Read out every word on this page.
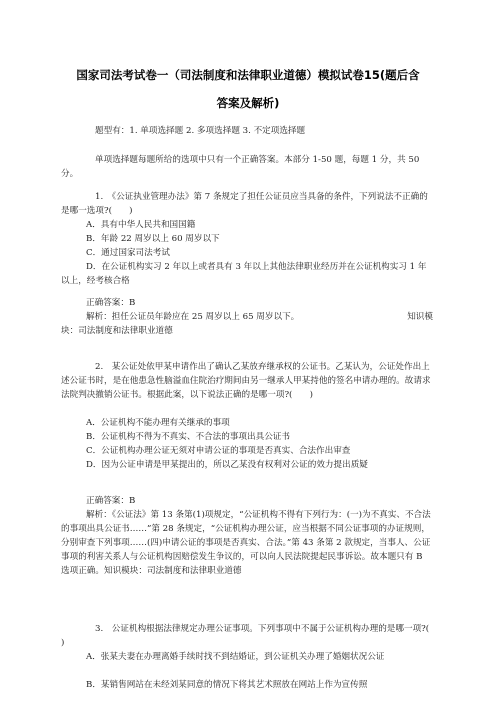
国家司法考试卷一（司法制度和法律职业道德）模拟试卷15(题后含
答案及解析)

题型有：1. 单项选择题 2. 多项选择题 3. 不定项选择题

单项选择题每题所给的选项中只有一个正确答案。本部分 1-50 题，每题 1 分，共 50 分。

1.　《公证执业管理办法》第 7 条规定了担任公证员应当具备的条件，下列说法不正确的是哪一选项?(　　)

A．具有中华人民共和国国籍
B．年龄 22 周岁以上 60 周岁以下
C．通过国家司法考试

D．在公证机构实习 2 年以上或者具有 3 年以上其他法律职业经历并在公证机构实习 1 年以上，经考核合格

正确答案：B
解析：担任公证员年龄应在 25 周岁以上 65 周岁以下。	知识模
块：司法制度和法律职业道德

2.　某公证处依甲某申请作出了确认乙某放弃继承权的公证书。乙某认为，公证处作出上述公证书时，是在他患急性脑溢血住院治疗期间由另一继承人甲某持他的签名申请办理的。故请求法院判决撤销公证书。根据此案，以下说法正确的是哪一项?(　　)

A．公证机构不能办理有关继承的事项
B．公证机构不得为不真实、不合法的事项出具公证书
C．公证机构办理公证无须对申请公证的事项是否真实、合法作出审查
D．因为公证申请是甲某提出的，所以乙某没有权利对公证的效力提出质疑
正确答案：B

解析：《公证法》第 13 条第(1)项规定，“公证机构不得有下列行为：(一)为不真实、不合法的事项出具公证书……”第 28 条规定，“公证机构办理公证，应当根据不同公证事项的办证规则，分别审查下列事项……(四)申请公证的事项是否真实、合法。”第 43 条第 2 款规定，当事人、公证事项的利害关系人与公证机构因赔偿发生争议的，可以向人民法院提起民事诉讼。故本题只有 B 选项正确。知识模块：司法制度和法律职业道德

3.　公证机构根据法律规定办理公证事项。下列事项中不属于公证机构办理的是哪一项?(　　)

A．张某夫妻在办理离婚手续时找不到结婚证，到公证机关办理了婚姻状况公证

B．某销售网站在未经刘某同意的情况下将其艺术照放在网站上作为宣传照
